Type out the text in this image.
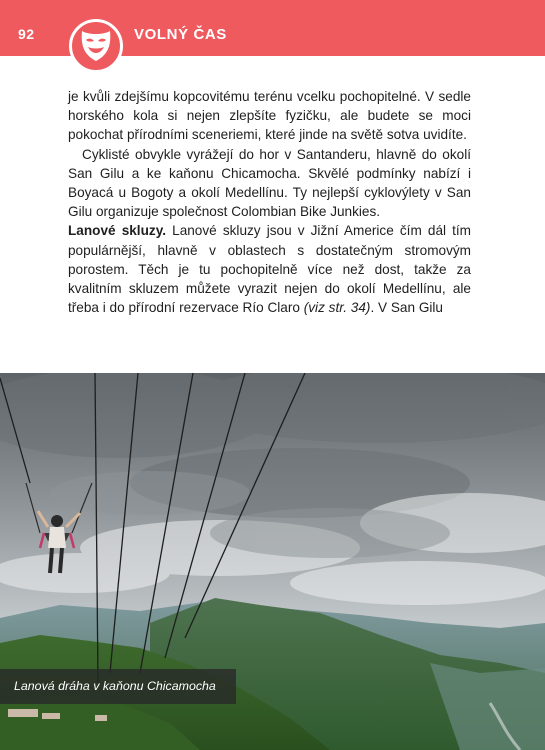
92	VOLNÝ ČAS

je kvůli zdejšímu kopcovitému terénu vcelku pochopitelné. V sedle horského kola si nejen zlepšíte fyzičku, ale budete se moci pokochat přírodními sceneriemi, které jinde na světě sotva uvidíte.

Cyklisté obvykle vyrážejí do hor v Santanderu, hlavně do okolí San Gilu a ke kaňonu Chicamocha. Skvělé podmínky nabízí i Boyacá u Bogoty a okolí Medellínu. Ty nejlepší cyklovýlety v San Gilu organizuje společnost Colombian Bike Junkies.

Lanové skluzy. Lanové skluzy jsou v Jižní Americe čím dál tím populárnější, hlavně v oblastech s dostatečným stromovým porostem. Těch je tu pochopitelně více než dost, takže za kvalitním skluzem můžete vyrazit nejen do okolí Medellínu, ale třeba i do přírodní rezervace Río Claro (viz str. 34). V San Gilu

Lanová dráha v kaňonu Chicamocha
